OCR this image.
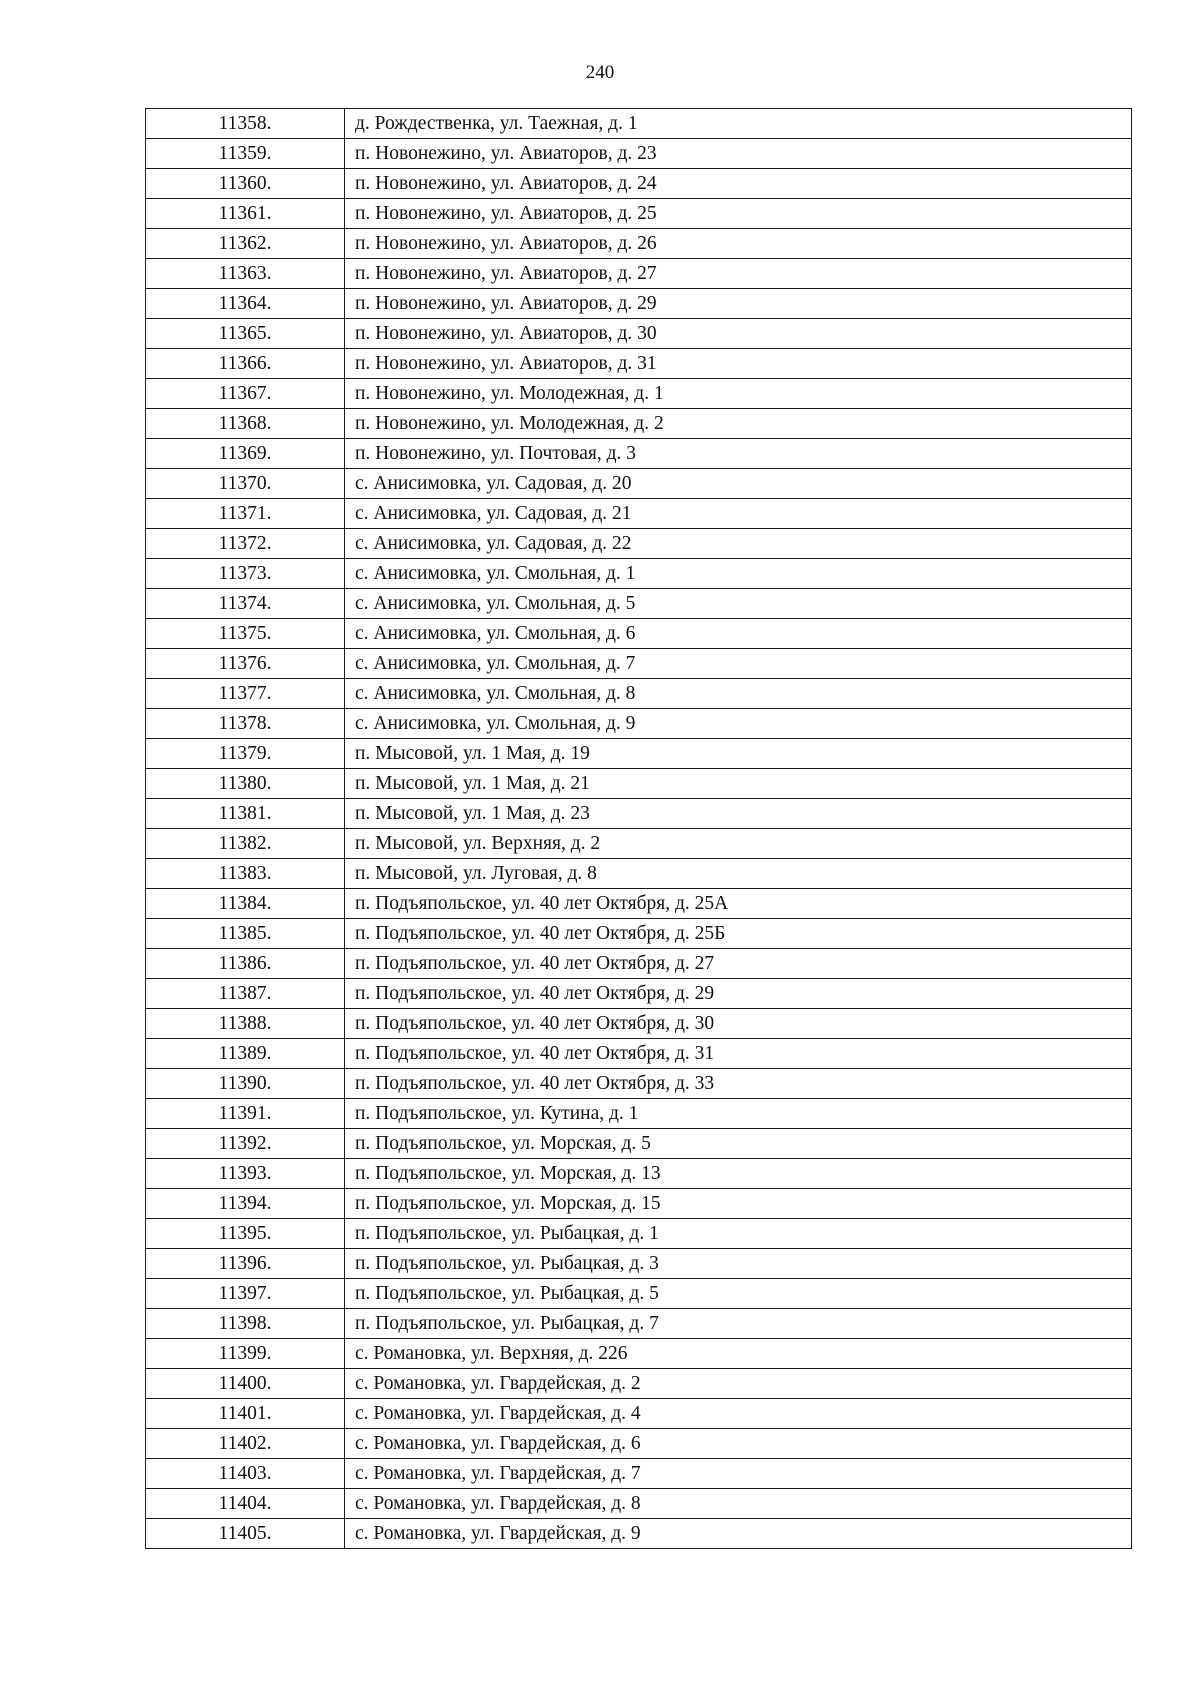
240
11358.	д. Рождественка, ул. Таежная, д. 1
11359.	п. Новонежино, ул. Авиаторов, д. 23
11360.	п. Новонежино, ул. Авиаторов, д. 24
11361.	п. Новонежино, ул. Авиаторов, д. 25
11362.	п. Новонежино, ул. Авиаторов, д. 26
11363.	п. Новонежино, ул. Авиаторов, д. 27
11364.	п. Новонежино, ул. Авиаторов, д. 29
11365.	п. Новонежино, ул. Авиаторов, д. 30
11366.	п. Новонежино, ул. Авиаторов, д. 31
11367.	п. Новонежино, ул. Молодежная, д. 1
11368.	п. Новонежино, ул. Молодежная, д. 2
11369.	п. Новонежино, ул. Почтовая, д. 3
11370.	с. Анисимовка, ул. Садовая, д. 20
11371.	с. Анисимовка, ул. Садовая, д. 21
11372.	с. Анисимовка, ул. Садовая, д. 22
11373.	с. Анисимовка, ул. Смольная, д. 1
11374.	с. Анисимовка, ул. Смольная, д. 5
11375.	с. Анисимовка, ул. Смольная, д. 6
11376.	с. Анисимовка, ул. Смольная, д. 7
11377.	с. Анисимовка, ул. Смольная, д. 8
11378.	с. Анисимовка, ул. Смольная, д. 9
11379.	п. Мысовой, ул. 1 Мая, д. 19
11380.	п. Мысовой, ул. 1 Мая, д. 21
11381.	п. Мысовой, ул. 1 Мая, д. 23
11382.	п. Мысовой, ул. Верхняя, д. 2
11383.	п. Мысовой, ул. Луговая, д. 8
11384.	п. Подъяпольское, ул. 40 лет Октября, д. 25А
11385.	п. Подъяпольское, ул. 40 лет Октября, д. 25Б
11386.	п. Подъяпольское, ул. 40 лет Октября, д. 27
11387.	п. Подъяпольское, ул. 40 лет Октября, д. 29
11388.	п. Подъяпольское, ул. 40 лет Октября, д. 30
11389.	п. Подъяпольское, ул. 40 лет Октября, д. 31
11390.	п. Подъяпольское, ул. 40 лет Октября, д. 33
11391.	п. Подъяпольское, ул. Кутина, д. 1
11392.	п. Подъяпольское, ул. Морская, д. 5
11393.	п. Подъяпольское, ул. Морская, д. 13
11394.	п. Подъяпольское, ул. Морская, д. 15
11395.	п. Подъяпольское, ул. Рыбацкая, д. 1
11396.	п. Подъяпольское, ул. Рыбацкая, д. 3
11397.	п. Подъяпольское, ул. Рыбацкая, д. 5
11398.	п. Подъяпольское, ул. Рыбацкая, д. 7
11399.	с. Романовка, ул. Верхняя, д. 226
11400.	с. Романовка, ул. Гвардейская, д. 2
11401.	с. Романовка, ул. Гвардейская, д. 4
11402.	с. Романовка, ул. Гвардейская, д. 6
11403.	с. Романовка, ул. Гвардейская, д. 7
11404.	с. Романовка, ул. Гвардейская, д. 8
11405.	с. Романовка, ул. Гвардейская, д. 9
